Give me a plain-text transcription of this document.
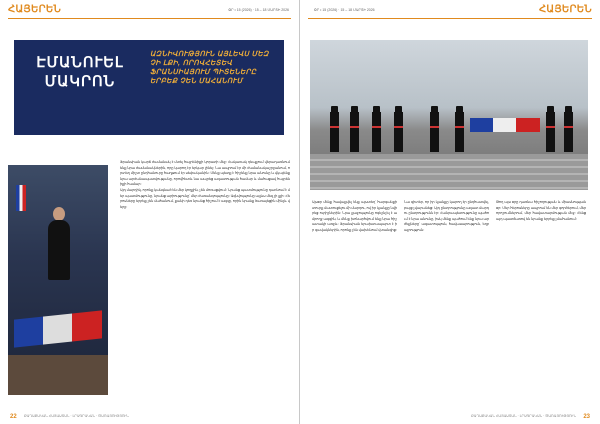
ՀԱՅԵՐԵՆ	ՕՐ • 15 (2026) · 15 – 18 ՄԱՐՏԻ 2026
ԷՄԱՆՈՒԵԼ ՄԱԿՐՈՆ
ԱԶՆԻՎՈՒԹՅՈՒՆ ԱՅԼԵՎՍ ՄԵԶ ՉԻ ԼՔԻ, ՈՐՈՎՀԵՏԵՎ ՖՐԱՆՍԻԱՅՈՒՄ ՊԻՏԵՆԵՐԸ ԵՐԲԵՔ ՉԵՆ ՄԱՀԱՆՈՒՄ
Ֆրանսիան կարճ ժամանակ է մտել հայրենիքի կորստի մեջ։ Հակառակ դեպքում վերադառնում ենք նրա ժամանակներին, որը կարող էր երկար լինել։ Նա ապրում էր մի ժամանակաշրջանում, որտեղ միշտ ընդհանուրը հաղթում էր սեփականին։ Մենք պետք է հիշենք նրա անունը և վկայենք նրա արժանապատվությանը, որովհետև նա ապրեց ազատության համար և մահացավ հայրենիքի համար։
Այդ մարդիկ, որոնք կանգնած են մեր կողքին, չեն մոռացվում։ Նրանց պատմությունը դառնում է մեր պատմությունը, նրանց արիությունը՝ մեր ժառանգությունը։ Ազնվությունը այլևս մեզ չի լքի։ Հերոսները երբեք չեն մահանում, քանի դեռ նրանց հիշում է ազգը, որին նրանք ծառայեցին մինչև վերջ։
22 ՔԱՂԱՔԱԿԱՆ ՀԱՅԱՍՏԱՆ · ԼՐԱԳՐԱԿԱՆ · ԾԱՌԱՅՈՒԹՅՈՒՆ
ՀԱՅԵՐԵՆ
ՕՐ • 15 (2026) · 15 – 18 ՄԱՐՏԻ 2026
Այսօր մենք հավաքվել ենք այստեղ՝ հարգանքի տուրք մատուցելու մի մարդու, ով իր կյանքը նվիրեց ուրիշներին։ Նրա քաջությունը ոգեշնչել է ամբողջ ազգին, և մենք խոնարհվում ենք նրա հիշատակի առջև։ Ֆրանսիան երախտապարտ է իր զավակներին, որոնք չեն վախենում վտանգից։
Նա գիտեր, որ իր կյանքը կարող էր ընդհատվել, բայց չվարանեց։ Այդ ընտրությունը ազատ մարդու ընտրությունն էր։ Հանրապետությունը պահում է նրա անունը, իսկ մենք պահում ենք նրա արժեքները՝ ազատություն, հավասարություն, եղբայրություն։
Թող այս օրը դառնա հիշողության և միասնության օր։ Մեր հերոսները ապրում են մեր գործերում, մեր որոշումներում, մեր հավատարմության մեջ։ Հենց այդ պատճառով են նրանք երբեք չմահանում։
23
ՔԱՂԱՔԱԿԱՆ ՀԱՅԱՍՏԱՆ · ԼՐԱԳՐԱԿԱՆ · ԾԱՌԱՅՈՒԹՅՈՒՆ
